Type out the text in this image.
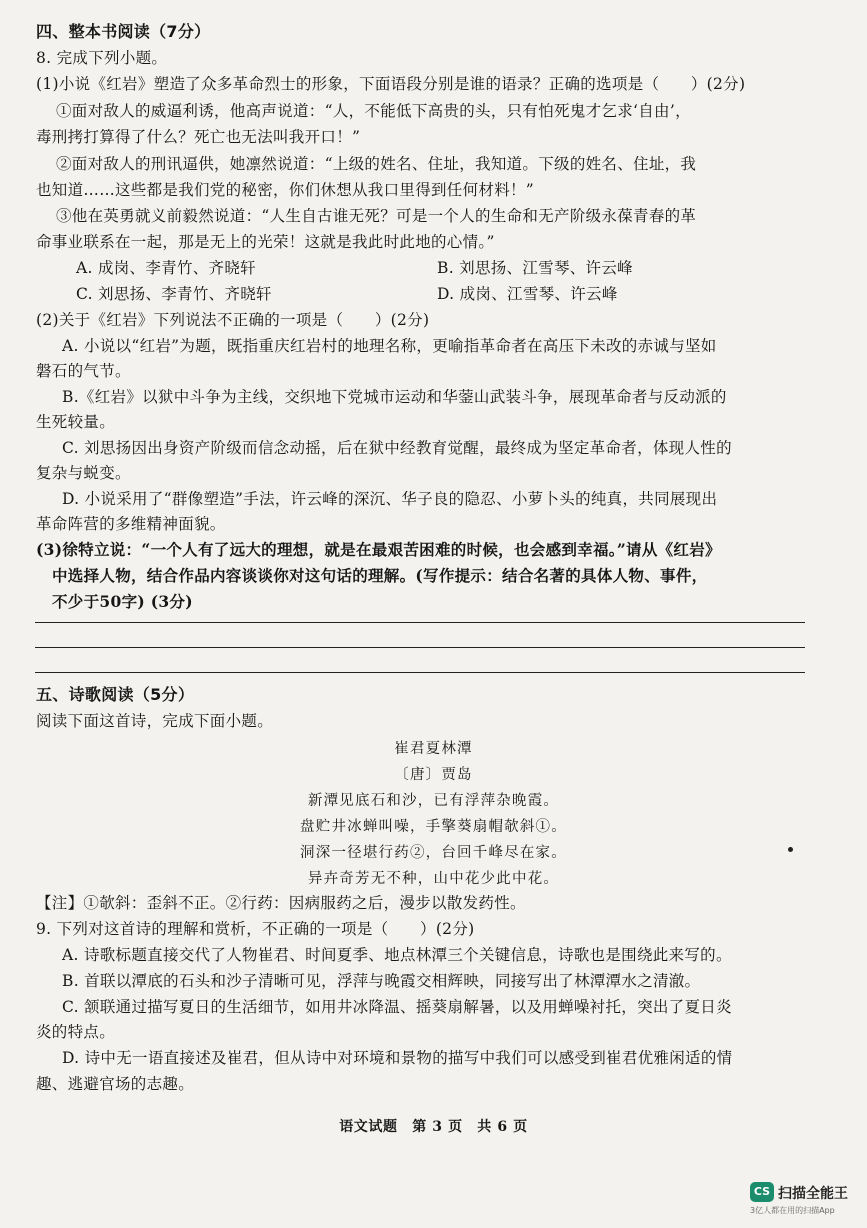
四、整本书阅读（7分）
8. 完成下列小题。
(1)小说《红岩》塑造了众多革命烈士的形象，下面语段分别是谁的语录？正确的选项是（　　）(2分)
①面对敌人的威逼利诱，他高声说道：“人，不能低下高贵的头，只有怕死鬼才乞求‘自由’，
毒刑拷打算得了什么？死亡也无法叫我开口！”
②面对敌人的刑讯逼供，她凛然说道：“上级的姓名、住址，我知道。下级的姓名、住址，我
也知道……这些都是我们党的秘密，你们休想从我口里得到任何材料！”
③他在英勇就义前毅然说道：“人生自古谁无死？可是一个人的生命和无产阶级永葆青春的革
命事业联系在一起，那是无上的光荣！这就是我此时此地的心情。”
A. 成岗、李青竹、齐晓轩	B. 刘思扬、江雪琴、许云峰
C. 刘思扬、李青竹、齐晓轩	D. 成岗、江雪琴、许云峰
(2)关于《红岩》下列说法不正确的一项是（　　）(2分)
A. 小说以“红岩”为题，既指重庆红岩村的地理名称，更喻指革命者在高压下未改的赤诚与坚如
磐石的气节。
B.《红岩》以狱中斗争为主线，交织地下党城市运动和华蓥山武装斗争，展现革命者与反动派的
生死较量。
C. 刘思扬因出身资产阶级而信念动摇，后在狱中经教育觉醒，最终成为坚定革命者，体现人性的
复杂与蜕变。
D. 小说采用了“群像塑造”手法，许云峰的深沉、华子良的隐忍、小萝卜头的纯真，共同展现出
革命阵营的多维精神面貌。
(3)徐特立说：“一个人有了远大的理想，就是在最艰苦困难的时候，也会感到幸福。”请从《红岩》
中选择人物，结合作品内容谈谈你对这句话的理解。(写作提示：结合名著的具体人物、事件，
不少于50字) (3分)
五、诗歌阅读（5分）
阅读下面这首诗，完成下面小题。
崔君夏林潭
〔唐〕贾岛
新潭见底石和沙，已有浮萍杂晚霞。
盘贮井冰蝉叫噪，手擎葵扇帽欹斜①。
洞深一径堪行药②，台回千峰尽在家。
异卉奇芳无不种，山中花少此中花。
【注】①欹斜：歪斜不正。②行药：因病服药之后，漫步以散发药性。
9. 下列对这首诗的理解和赏析，不正确的一项是（　　）(2分)
A. 诗歌标题直接交代了人物崔君、时间夏季、地点林潭三个关键信息，诗歌也是围绕此来写的。
B. 首联以潭底的石头和沙子清晰可见，浮萍与晚霞交相辉映，同接写出了林潭潭水之清澈。
C. 颔联通过描写夏日的生活细节，如用井冰降温、摇葵扇解暑，以及用蝉噪衬托，突出了夏日炎
炎的特点。
D. 诗中无一语直接述及崔君，但从诗中对环境和景物的描写中我们可以感受到崔君优雅闲适的情
趣、逃避官场的志趣。
语文试题　第 3 页　共 6 页
CS 扫描全能王
3亿人都在用的扫描App
